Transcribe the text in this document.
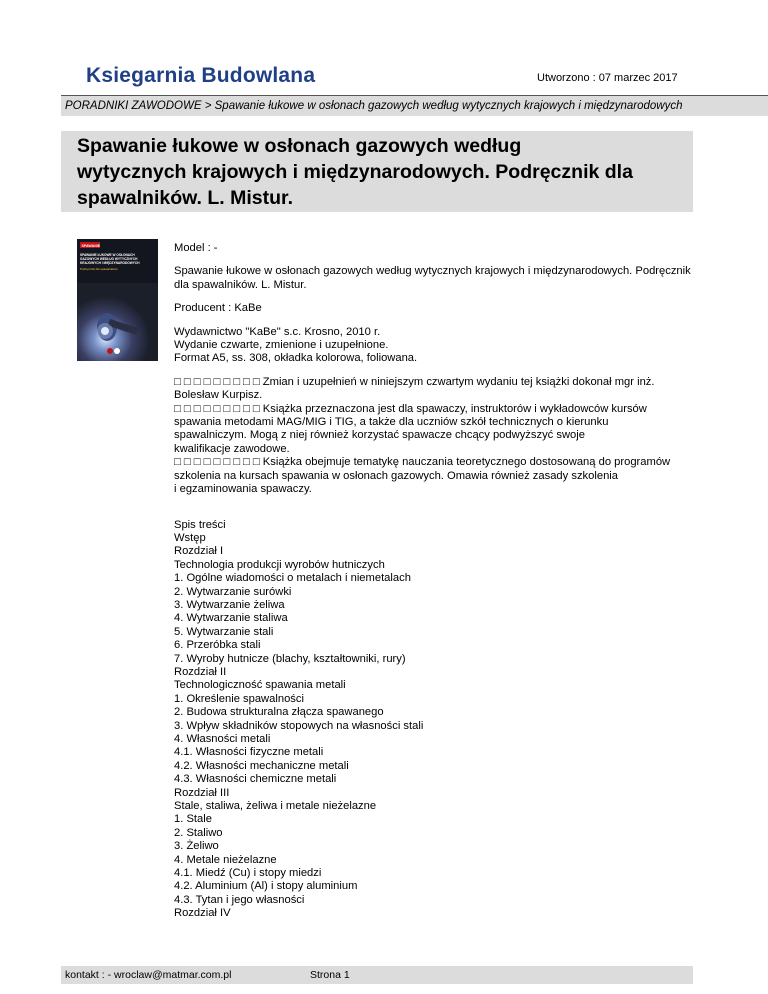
Ksiegarnia Budowlana	Utworzono : 07 marzec 2017
PORADNIKI ZAWODOWE > Spawanie łukowe w osłonach gazowych według wytycznych krajowych i międzynarodowych
Spawanie łukowe w osłonach gazowych według
wytycznych krajowych i międzynarodowych. Podręcznik dla
spawalników. L. Mistur.
SPAWANIE
SPAWANIE ŁUKOWE W OSŁONACH
GAZOWYCH WEDŁUG WYTYCZNYCH
KRAJOWYCH I MIĘDZYNARODOWYCH
Podręcznik dla spawalników

Model : -

Spawanie łukowe w osłonach gazowych według wytycznych krajowych i międzynarodowych. Podręcznik
dla spawalników. L. Mistur.

Producent : KaBe

Wydawnictwo "KaBe" s.c. Krosno, 2010 r.
Wydanie czwarte, zmienione i uzupełnione.
Format A5, ss. 308, okładka kolorowa, foliowana.

□ □ □ □ □ □ □ □ □ Zmian i uzupełnień w niniejszym czwartym wydaniu tej książki dokonał mgr inż.
Bolesław Kurpisz.
□ □ □ □ □ □ □ □ □ Książka przeznaczona jest dla spawaczy, instruktorów i wykładowców kursów
spawania metodami MAG/MIG i TIG, a także dla uczniów szkół technicznych o kierunku
spawalniczym. Mogą z niej również korzystać spawacze chcący podwyższyć swoje
kwalifikacje zawodowe.
□ □ □ □ □ □ □ □ □ Książka obejmuje tematykę nauczania teoretycznego dostosowaną do programów
szkolenia na kursach spawania w osłonach gazowych. Omawia również zasady szkolenia
i egzaminowania spawaczy.

Spis treści
Wstęp
Rozdział I
Technologia produkcji wyrobów hutniczych
1. Ogólne wiadomości o metalach i niemetalach
2. Wytwarzanie surówki
3. Wytwarzanie żeliwa
4. Wytwarzanie staliwa
5. Wytwarzanie stali
6. Przeróbka stali
7. Wyroby hutnicze (blachy, kształtowniki, rury)
Rozdział II
Technologiczność spawania metali
1. Określenie spawalności
2. Budowa strukturalna złącza spawanego
3. Wpływ składników stopowych na własności stali
4. Własności metali
4.1. Własności fizyczne metali
4.2. Własności mechaniczne metali
4.3. Własności chemiczne metali
Rozdział III
Stale, staliwa, żeliwa i metale nieżelazne
1. Stale
2. Staliwo
3. Żeliwo
4. Metale nieżelazne
4.1. Miedź (Cu) i stopy miedzi
4.2. Aluminium (Al) i stopy aluminium
4.3. Tytan i jego własności
Rozdział IV
kontakt : - wroclaw@matmar.com.pl	Strona 1
